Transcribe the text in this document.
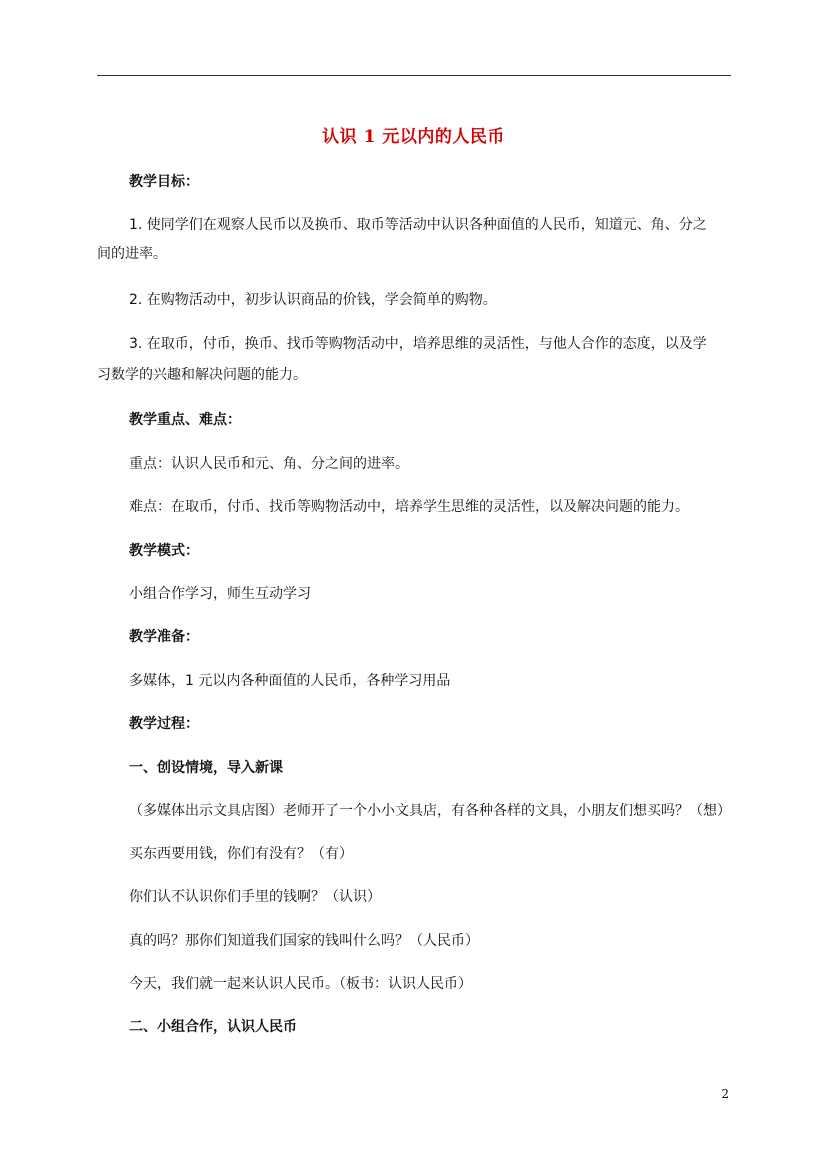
认识 1 元以内的人民币
教学目标：
1. 使同学们在观察人民币以及换币、取币等活动中认识各种面值的人民币，知道元、角、分之
间的进率。
2. 在购物活动中，初步认识商品的价钱，学会简单的购物。
3. 在取币，付币，换币、找币等购物活动中，培养思维的灵活性，与他人合作的态度，以及学
习数学的兴趣和解决问题的能力。
教学重点、难点：
重点：认识人民币和元、角、分之间的进率。
难点：在取币，付币、找币等购物活动中，培养学生思维的灵活性，以及解决问题的能力。
教学模式：
小组合作学习，师生互动学习
教学准备：
多媒体，1 元以内各种面值的人民币，各种学习用品
教学过程：
一、创设情境，导入新课
（多媒体出示文具店图）老师开了一个小小文具店，有各种各样的文具，小朋友们想买吗？（想）
买东西要用钱，你们有没有？（有）
你们认不认识你们手里的钱啊？（认识）
真的吗？那你们知道我们国家的钱叫什么吗？（人民币）
今天，我们就一起来认识人民币。（板书：认识人民币）
二、小组合作，认识人民币
2
